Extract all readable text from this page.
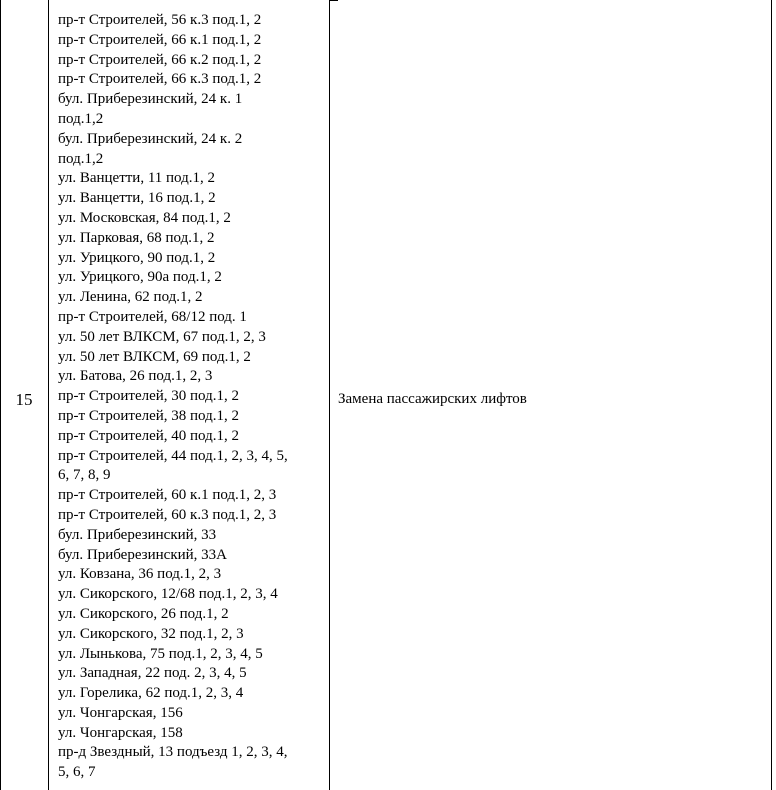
15
пр-т Строителей, 56 к.3 под.1, 2
пр-т Строителей, 66 к.1 под.1, 2
пр-т Строителей, 66 к.2 под.1, 2
пр-т Строителей, 66 к.3 под.1, 2
бул. Приберезинский, 24 к. 1
под.1,2
бул. Приберезинский, 24 к. 2
под.1,2
ул. Ванцетти, 11 под.1, 2
ул. Ванцетти, 16 под.1, 2
ул. Московская, 84 под.1, 2
ул. Парковая, 68 под.1, 2
ул. Урицкого, 90 под.1, 2
ул. Урицкого, 90а под.1, 2
ул. Ленина, 62 под.1, 2
пр-т Строителей, 68/12 под. 1
ул. 50 лет ВЛКСМ, 67 под.1, 2, 3
ул. 50 лет ВЛКСМ, 69 под.1, 2
ул. Батова, 26 под.1, 2, 3
пр-т Строителей, 30 под.1, 2
пр-т Строителей, 38 под.1, 2
пр-т Строителей, 40 под.1, 2
пр-т Строителей, 44 под.1, 2, 3, 4, 5,
6, 7, 8, 9
пр-т Строителей, 60 к.1 под.1, 2, 3
пр-т Строителей, 60 к.3 под.1, 2, 3
бул. Приберезинский, 33
бул. Приберезинский, 33А
ул. Ковзана, 36 под.1, 2, 3
ул. Сикорского, 12/68 под.1, 2, 3, 4
ул. Сикорского, 26 под.1, 2
ул. Сикорского, 32 под.1, 2, 3
ул. Лынькова, 75 под.1, 2, 3, 4, 5
ул. Западная, 22 под. 2, 3, 4, 5
ул. Горелика, 62 под.1, 2, 3, 4
ул. Чонгарская, 156
ул. Чонгарская, 158
пр-д Звездный, 13 подъезд 1, 2, 3, 4,
5, 6, 7
Замена пассажирских лифтов
